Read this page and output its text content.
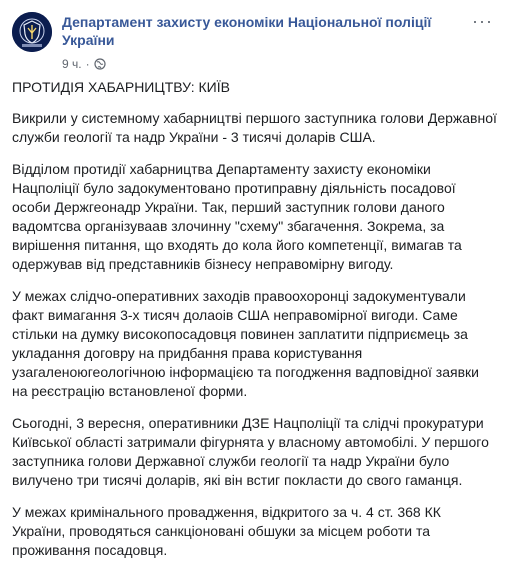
Департамент захисту економіки Національної поліції України
9 ч. ·
···

ПРОТИДІЯ ХАБАРНИЦТВУ: КИЇВ

Викрили у системному хабарництві першого заступника голови Державної служби геології та надр України - 3 тисячі доларів США.

Відділом протидії хабарництва Департаменту захисту економіки Нацполіції було задокументовано протиправну діяльність посадової особи Держгеонадр України. Так, перший заступник голови даного вадомтсва організуваав злочинну "схему" збагачення. Зокрема, за вирішення питання, що входять до кола його компетенції, вимагав та одержував від представників бізнесу неправомірну вигоду.

У межах слідчо-оперативних заходів правоохоронці задокументували факт вимагання 3-х тисяч долаоів США неправомірної вигоди. Саме стільки на думку високопосадовця повинен заплатити підприємець за укладання договру на придбання права користування узагаленоюгеологічною інформацією та погодження вадповідної заявки на реєстрацію встановленої форми.

Сьогодні, 3 вересня, оперативники ДЗЕ Нацполіції та слідчі прокуратури Київської області затримали фігурнята у власному автомобілі. У першого заступника голови Державної служби геології та надр України було вилучено три тисячі доларів, які він встиг покласти до свого гаманця.

У межах кримінального провадження, відкритого за ч. 4 ст. 368 КК України, проводяться санкціоновані обшуки за місцем роботи та проживання посадовця.
